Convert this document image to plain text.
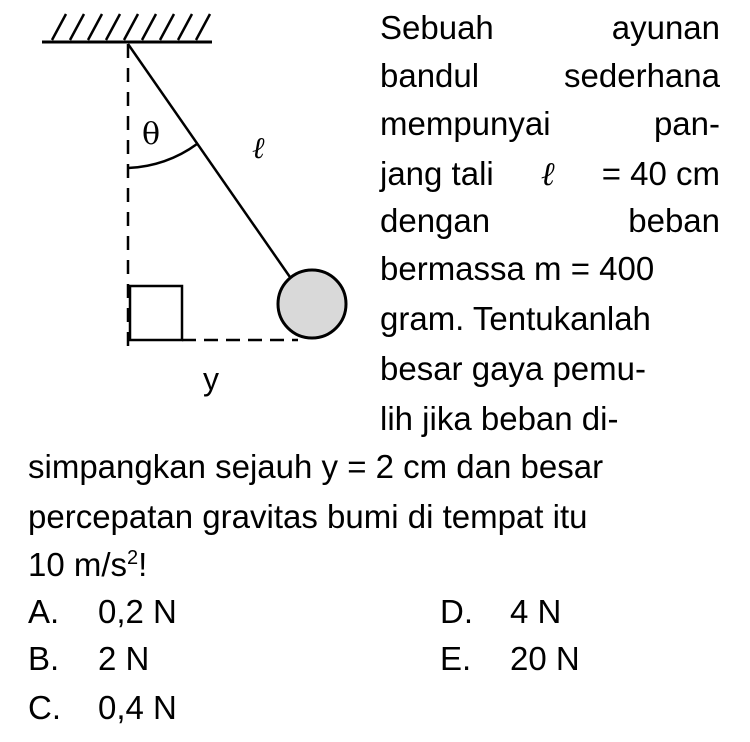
θ	ℓ
y
Sebuah	ayunan
bandul	sederhana
mempunyai	pan-
jang tali ℓ = 40 cm
dengan	beban
bermassa m = 400
gram. Tentukanlah
besar gaya pemu-
lih jika beban di-
simpangkan sejauh y = 2 cm dan besar
percepatan gravitas bumi di tempat itu
10 $m/s^2$!
A. 0,2 N
B. 2 N
C. 0,4 N
D. 4 N
E. 20 N
